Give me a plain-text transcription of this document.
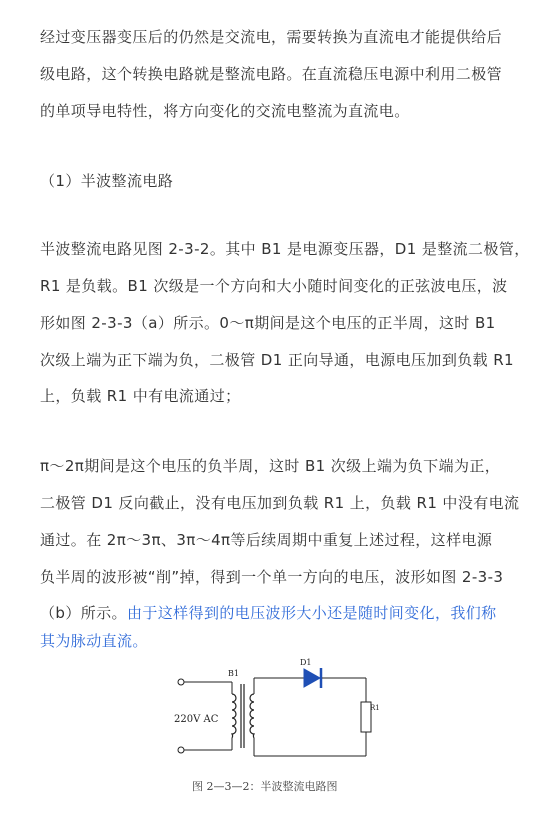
经过变压器变压后的仍然是交流电，需要转换为直流电才能提供给后
级电路，这个转换电路就是整流电路。在直流稳压电源中利用二极管
的单项导电特性，将方向变化的交流电整流为直流电。
（1）半波整流电路
半波整流电路见图 2-3-2。其中 B1 是电源变压器，D1 是整流二极管，
R1 是负载。B1 次级是一个方向和大小随时间变化的正弦波电压，波
形如图 2-3-3（a）所示。0～π期间是这个电压的正半周，这时 B1
次级上端为正下端为负，二极管 D1 正向导通，电源电压加到负载 R1
上，负载 R1 中有电流通过；
π～2π期间是这个电压的负半周，这时 B1 次级上端为负下端为正，
二极管 D1 反向截止，没有电压加到负载 R1 上，负载 R1 中没有电流
通过。在 2π～3π、3π～4π等后续周期中重复上述过程，这样电源
负半周的波形被“削”掉，得到一个单一方向的电压，波形如图 2-3-3
（b）所示。由于这样得到的电压波形大小还是随时间变化，我们称
其为脉动直流。
B1
D1
R1
220V AC
图 2—3—2：半波整流电路图
